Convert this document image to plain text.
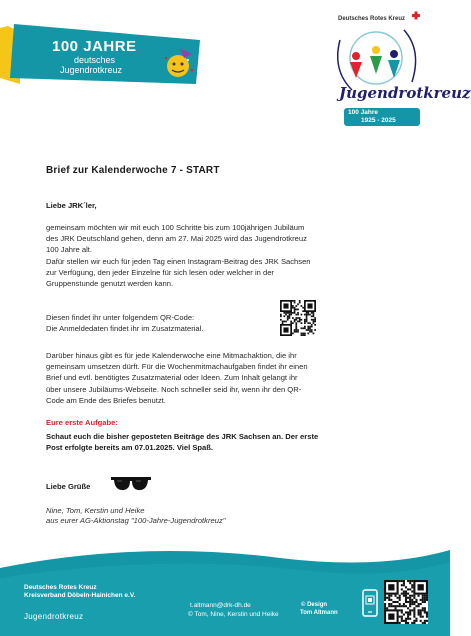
100 JAHRE
deutsches
Jugendrotkreuz
Deutsches Rotes Kreuz
Jugendrotkreuz
100 Jahre
1925 - 2025
Brief zur Kalenderwoche 7 - START
Liebe JRK´ler,
gemeinsam möchten wir mit euch 100 Schritte bis zum 100jährigen Jubiläum
des JRK Deutschland gehen, denn am 27. Mai 2025 wird das Jugendrotkreuz
100 Jahre alt.
Dafür stellen wir euch für jeden Tag einen Instagram-Beitrag des JRK Sachsen
zur Verfügung, den jeder Einzelne für sich lesen oder welcher in der
Gruppenstunde genutzt werden kann.
Diesen findet ihr unter folgendem QR-Code:
Die Anmeldedaten findet ihr im Zusatzmaterial.
Darüber hinaus gibt es für jede Kalenderwoche eine Mitmachaktion, die ihr
gemeinsam umsetzen dürft. Für die Wochenmitmachaufgaben findet ihr einen
Brief und evtl. benötigtes Zusatzmaterial oder Ideen. Zum Inhalt gelangt ihr
über unsere Jubiläums-Webseite. Noch schneller seid ihr, wenn ihr den QR-
Code am Ende des Briefes benutzt.
Eure erste Aufgabe:
Schaut euch die bisher geposteten Beiträge des JRK Sachsen an. Der erste
Post erfolgte bereits am 07.01.2025. Viel Spaß.
Liebe Grüße
Nine, Tom, Kerstin und Heike
aus eurer AG-Aktionstag "100-Jahre-Jugendrotkreuz"
Deutsches Rotes Kreuz
Kreisverband Döbeln-Hainichen e.V.
Jugendrotkreuz
t.altmann@drk-dh.de
© Tom, Nine, Kerstin und Heike
© Design
Tom Altmann
